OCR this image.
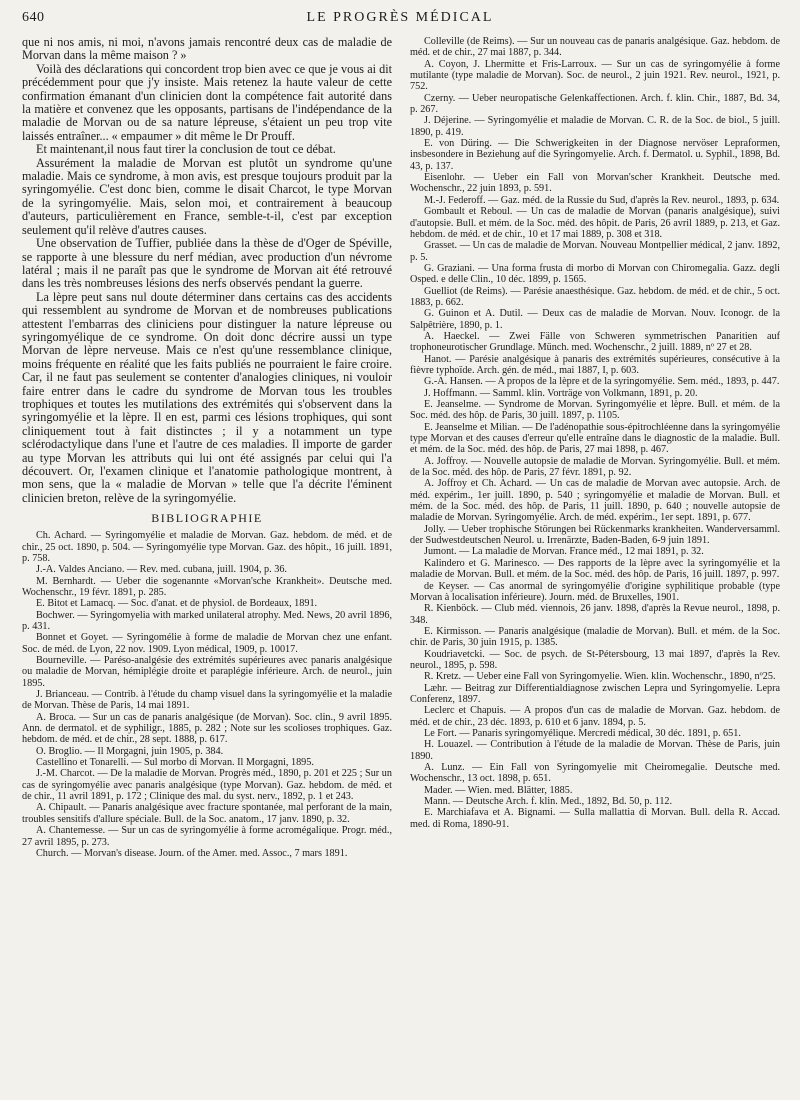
640	LE PROGRÈS MÉDICAL

que ni nos amis, ni moi, n'avons jamais rencontré deux cas de maladie de Morvan dans la même maison ? »

Voilà des déclarations qui concordent trop bien avec ce que je vous ai dit précédemment pour que j'y insiste. Mais retenez la haute valeur de cette confirmation émanant d'un clinicien dont la compétence fait autorité dans la matière et convenez que les opposants, partisans de l'indépendance de la maladie de Morvan ou de sa nature lépreuse, s'étaient un peu trop vite laissés entraîner... « empaumer » dit même le Dr Prouff.

Et maintenant,il nous faut tirer la conclusion de tout ce débat.

Assurément la maladie de Morvan est plutôt un syndrome qu'une maladie. Mais ce syndrome, à mon avis, est presque toujours produit par la syringomyélie. C'est donc bien, comme le disait Charcot, le type Morvan de la syringomyélie. Mais, selon moi, et contrairement à beaucoup d'auteurs, particulièrement en France, semble-t-il, c'est par exception seulement qu'il relève d'autres causes.

Une observation de Tuffier, publiée dans la thèse de d'Oger de Spéville, se rapporte à une blessure du nerf médian, avec production d'un névrome latéral ; mais il ne paraît pas que le syndrome de Morvan ait été retrouvé dans les très nombreuses lésions des nerfs observés pendant la guerre.

La lèpre peut sans nul doute déterminer dans certains cas des accidents qui ressemblent au syndrome de Morvan et de nombreuses publications attestent l'embarras des cliniciens pour distinguer la nature lépreuse ou syringomyélique de ce syndrome. On doit donc décrire aussi un type Morvan de lèpre nerveuse. Mais ce n'est qu'une ressemblance clinique, moins fréquente en réalité que les faits publiés ne pourraient le faire croire. Car, il ne faut pas seulement se contenter d'analogies cliniques, ni vouloir faire entrer dans le cadre du syndrome de Morvan tous les troubles trophiques et toutes les mutilations des extrémités qui s'observent dans la syringomyélie et la lèpre. Il en est, parmi ces lésions trophiques, qui sont cliniquement tout à fait distinctes ; il y a notamment un type sclérodactylique dans l'une et l'autre de ces maladies. Il importe de garder au type Morvan les attributs qui lui ont été assignés par celui qui l'a découvert. Or, l'examen clinique et l'anatomie pathologique montrent, à mon sens, que la « maladie de Morvan » telle que l'a décrite l'éminent clinicien breton, relève de la syringomyélie.

BIBLIOGRAPHIE

Ch. Achard. — Syringomyélie et maladie de Morvan. Gaz. hebdom. de méd. et de chir., 25 oct. 1890, p. 504. — Syringomyélie type Morvan. Gaz. des hôpit., 16 juill. 1891, p. 758.

J.-A. Valdes Anciano. — Rev. med. cubana, juill. 1904, p. 36.

M. Bernhardt. — Ueber die sogenannte «Morvan'sche Krankheit». Deutsche med. Wochenschr., 19 févr. 1891, p. 285.

E. Bitot et Lamacq. — Soc. d'anat. et de physiol. de Bordeaux, 1891.

Bochwer. — Syringomyelia with marked unilateral atrophy. Med. News, 20 avril 1896, p. 431.

Bonnet et Goyet. — Syringomélie à forme de maladie de Morvan chez une enfant. Soc. de méd. de Lyon, 22 nov. 1909. Lyon médical, 1909, p. 10017.

Bourneville. — Paréso-analgésie des extrémités supérieures avec panaris analgésique ou maladie de Morvan, hémiplégie droite et paraplégie inférieure. Arch. de neurol., juin 1895.

J. Brianceau. — Contrib. à l'étude du champ visuel dans la syringomyélie et la maladie de Morvan. Thèse de Paris, 14 mai 1891.

A. Broca. — Sur un cas de panaris analgésique (de Morvan). Soc. clin., 9 avril 1895. Ann. de dermatol. et de syphiligr., 1885, p. 282 ; Note sur les scolioses trophiques. Gaz. hebdom. de méd. et de chir., 28 sept. 1888, p. 617.

O. Broglio. — Il Morgagni, juin 1905, p. 384.

Castellino et Tonarelli. — Sul morbo di Morvan. Il Morgagni, 1895.

J.-M. Charcot. — De la maladie de Morvan. Progrès méd., 1890, p. 201 et 225 ; Sur un cas de syringomyélie avec panaris analgésique (type Morvan). Gaz. hebdom. de méd. et de chir., 11 avril 1891, p. 172 ; Clinique des mal. du syst. nerv., 1892, p. 1 et 243.

A. Chipault. — Panaris analgésique avec fracture spontanée, mal perforant de la main, troubles sensitifs d'allure spéciale. Bull. de la Soc. anatom., 17 janv. 1890, p. 32.

A. Chantemesse. — Sur un cas de syringomyélie à forme acromégalique. Progr. méd., 27 avril 1895, p. 273.

Church. — Morvan's disease. Journ. of the Amer. med. Assoc., 7 mars 1891.

Colleville (de Reims). — Sur un nouveau cas de panaris analgésique. Gaz. hebdom. de méd. et de chir., 27 mai 1887, p. 344.

A. Coyon, J. Lhermitte et Fris-Larroux. — Sur un cas de syringomyélie à forme mutilante (type maladie de Morvan). Soc. de neurol., 2 juin 1921. Rev. neurol., 1921, p. 752.

Czerny. — Ueber neuropatische Gelenkaffectionen. Arch. f. klin. Chir., 1887, Bd. 34, p. 267.

J. Déjerine. — Syringomyélie et maladie de Morvan. C. R. de la Soc. de biol., 5 juill. 1890, p. 419.

E. von Düring. — Die Schwerigkeiten in der Diagnose nervöser Lepraformen, insbesondere in Beziehung auf die Syringomyelie. Arch. f. Dermatol. u. Syphil., 1898, Bd. 43, p. 137.

Eisenlohr. — Ueber ein Fall von Morvan'scher Krankheit. Deutsche med. Wochenschr., 22 juin 1893, p. 591.

M.-J. Federoff. — Gaz. méd. de la Russie du Sud, d'après la Rev. neurol., 1893, p. 634.

Gombault et Reboul. — Un cas de maladie de Morvan (panaris analgésique), suivi d'autopsie. Bull. et mém. de la Soc. méd. des hôpit. de Paris, 26 avril 1889, p. 213, et Gaz. hebdom. de méd. et de chir., 10 et 17 mai 1889, p. 308 et 318.

Grasset. — Un cas de maladie de Morvan. Nouveau Montpellier médical, 2 janv. 1892, p. 5.

G. Graziani. — Una forma frusta di morbo di Morvan con Chiromegalia. Gazz. degli Osped. e delle Clin., 10 déc. 1899, p. 1565.

Guelliot (de Reims). — Parésie anaesthésique. Gaz. hebdom. de méd. et de chir., 5 oct. 1883, p. 662.

G. Guinon et A. Dutil. — Deux cas de maladie de Morvan. Nouv. Iconogr. de la Salpêtrière, 1890, p. 1.

A. Haeckel. — Zwei Fälle von Schweren symmetrischen Panaritien auf trophoneurotischer Grundlage. Münch. med. Wochenschr., 2 juill. 1889, nº 27 et 28.

Hanot. — Parésie analgésique à panaris des extrémités supérieures, consécutive à la fièvre typhoïde. Arch. gén. de méd., mai 1887, I, p. 603.

G.-A. Hansen. — A propos de la lèpre et de la syringomyélie. Sem. méd., 1893, p. 447.

J. Hoffmann. — Samml. klin. Vorträge von Volkmann, 1891, p. 20.

E. Jeanselme. — Syndrome de Morvan. Syringomyélie et lèpre. Bull. et mém. de la Soc. méd. des hôp. de Paris, 30 juill. 1897, p. 1105.

E. Jeanselme et Milian. — De l'adénopathie sous-épitrochléenne dans la syringomyélie type Morvan et des causes d'erreur qu'elle entraîne dans le diagnostic de la maladie. Bull. et mém. de la Soc. méd. des hôp. de Paris, 27 mai 1898, p. 467.

A. Joffroy. — Nouvelle autopsie de maladie de Morvan. Syringomyélie. Bull. et mém. de la Soc. méd. des hôp. de Paris, 27 févr. 1891, p. 92.

A. Joffroy et Ch. Achard. — Un cas de maladie de Morvan avec autopsie. Arch. de méd. expérim., 1er juill. 1890, p. 540 ; syringomyélie et maladie de Morvan. Bull. et mém. de la Soc. méd. des hôp. de Paris, 11 juill. 1890, p. 640 ; nouvelle autopsie de maladie de Morvan. Syringomyélie. Arch. de méd. expérim., 1er sept. 1891, p. 677.

Jolly. — Ueber trophische Störungen bei Rückenmarks krankheiten. Wanderversamml. der Sudwestdeutschen Neurol. u. Irrenärzte, Baden-Baden, 6-9 juin 1891.

Jumont. — La maladie de Morvan. France méd., 12 mai 1891, p. 32.

Kalindero et G. Marinesco. — Des rapports de la lèpre avec la syringomyélie et la maladie de Morvan. Bull. et mém. de la Soc. méd. des hôp. de Paris, 16 juill. 1897, p. 997.

de Keyser. — Cas anormal de syringomyélie d'origine syphilitique probable (type Morvan à localisation inférieure). Journ. méd. de Bruxelles, 1901.

R. Kienböck. — Club méd. viennois, 26 janv. 1898, d'après la Revue neurol., 1898, p. 348.

E. Kirmisson. — Panaris analgésique (maladie de Morvan). Bull. et mém. de la Soc. chir. de Paris, 30 juin 1915, p. 1385.

Koudriavetcki. — Soc. de psych. de St-Pétersbourg, 13 mai 1897, d'après la Rev. neurol., 1895, p. 598.

R. Kretz. — Ueber eine Fall von Syringomyelie. Wien. klin. Wochenschr., 1890, nº25.

Læhr. — Beitrag zur Differentialdiagnose zwischen Lepra und Syringomyelie. Lepra Conferenz, 1897.

Leclerc et Chapuis. — A propos d'un cas de maladie de Morvan. Gaz. hebdom. de méd. et de chir., 23 déc. 1893, p. 610 et 6 janv. 1894, p. 5.

Le Fort. — Panaris syringomyélique. Mercredi médical, 30 déc. 1891, p. 651.

H. Louazel. — Contribution à l'étude de la maladie de Morvan. Thèse de Paris, juin 1890.

A. Lunz. — Ein Fall von Syringomyelie mit Cheiromegalie. Deutsche med. Wochenschr., 13 oct. 1898, p. 651.

Mader. — Wien. med. Blätter, 1885.

Mann. — Deutsche Arch. f. klin. Med., 1892, Bd. 50, p. 112.

E. Marchiafava et A. Bignami. — Sulla mallattia di Morvan. Bull. della R. Accad. med. di Roma, 1890-91.
